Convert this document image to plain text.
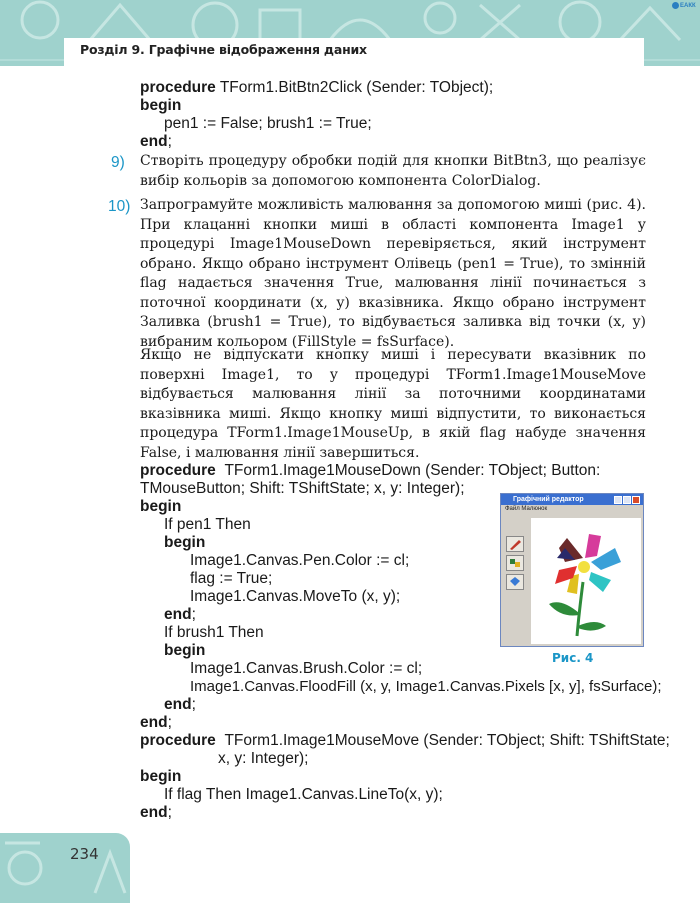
Розділ 9. Графічне відображення даних
ЕАКК
procedure TForm1.BitBtn2Click (Sender: TObject);
begin
pen1 := False; brush1 := True;
end;
9) Створіть процедуру обробки подій для кнопки BitBtn3, що реалізує вибір кольорів за допомогою компонента ColorDialog.

10) Запрограмуйте можливість малювання за допомогою миші (рис. 4). При клацанні кнопки миші в області компонента Image1 у процедурі Image1MouseDown перевіряється, який інструмент обрано. Якщо обрано інструмент Олівець (pen1 = True), то змінній flag надається значення True, малювання лінії починається з поточної координати (x, y) вказівника. Якщо обрано інструмент Заливка (brush1 = True), то відбувається заливка від точки (x, y) вибраним кольором (FillStyle = fsSurface).

Якщо не відпускати кнопку миші і пересувати вказівник по поверхні Image1, то у процедурі TForm1.Image1MouseMove відбувається малювання лінії за поточними координатами вказівника миші. Якщо кнопку миші відпустити, то виконається процедура TForm1.Image1MouseUp, в якій flag набуде значення False, і малювання лінії завершиться.

procedure TForm1.Image1MouseDown (Sender: TObject; Button:
TMouseButton; Shift: TShiftState; x, y: Integer);
begin
If pen1 Then
begin
Image1.Canvas.Pen.Color := cl;
flag := True;
Image1.Canvas.MoveTo (x, y);
end;
If brush1 Then
begin
Image1.Canvas.Brush.Color := cl;
Image1.Canvas.FloodFill (x, y, Image1.Canvas.Pixels [x, y], fsSurface);
end;
end;
procedure TForm1.Image1MouseMove (Sender: TObject; Shift: TShiftState;
x, y: Integer);
begin
If flag Then Image1.Canvas.LineTo(x, y);
end;
Графічний редактор
Файл Малюнок
Рис. 4
234
